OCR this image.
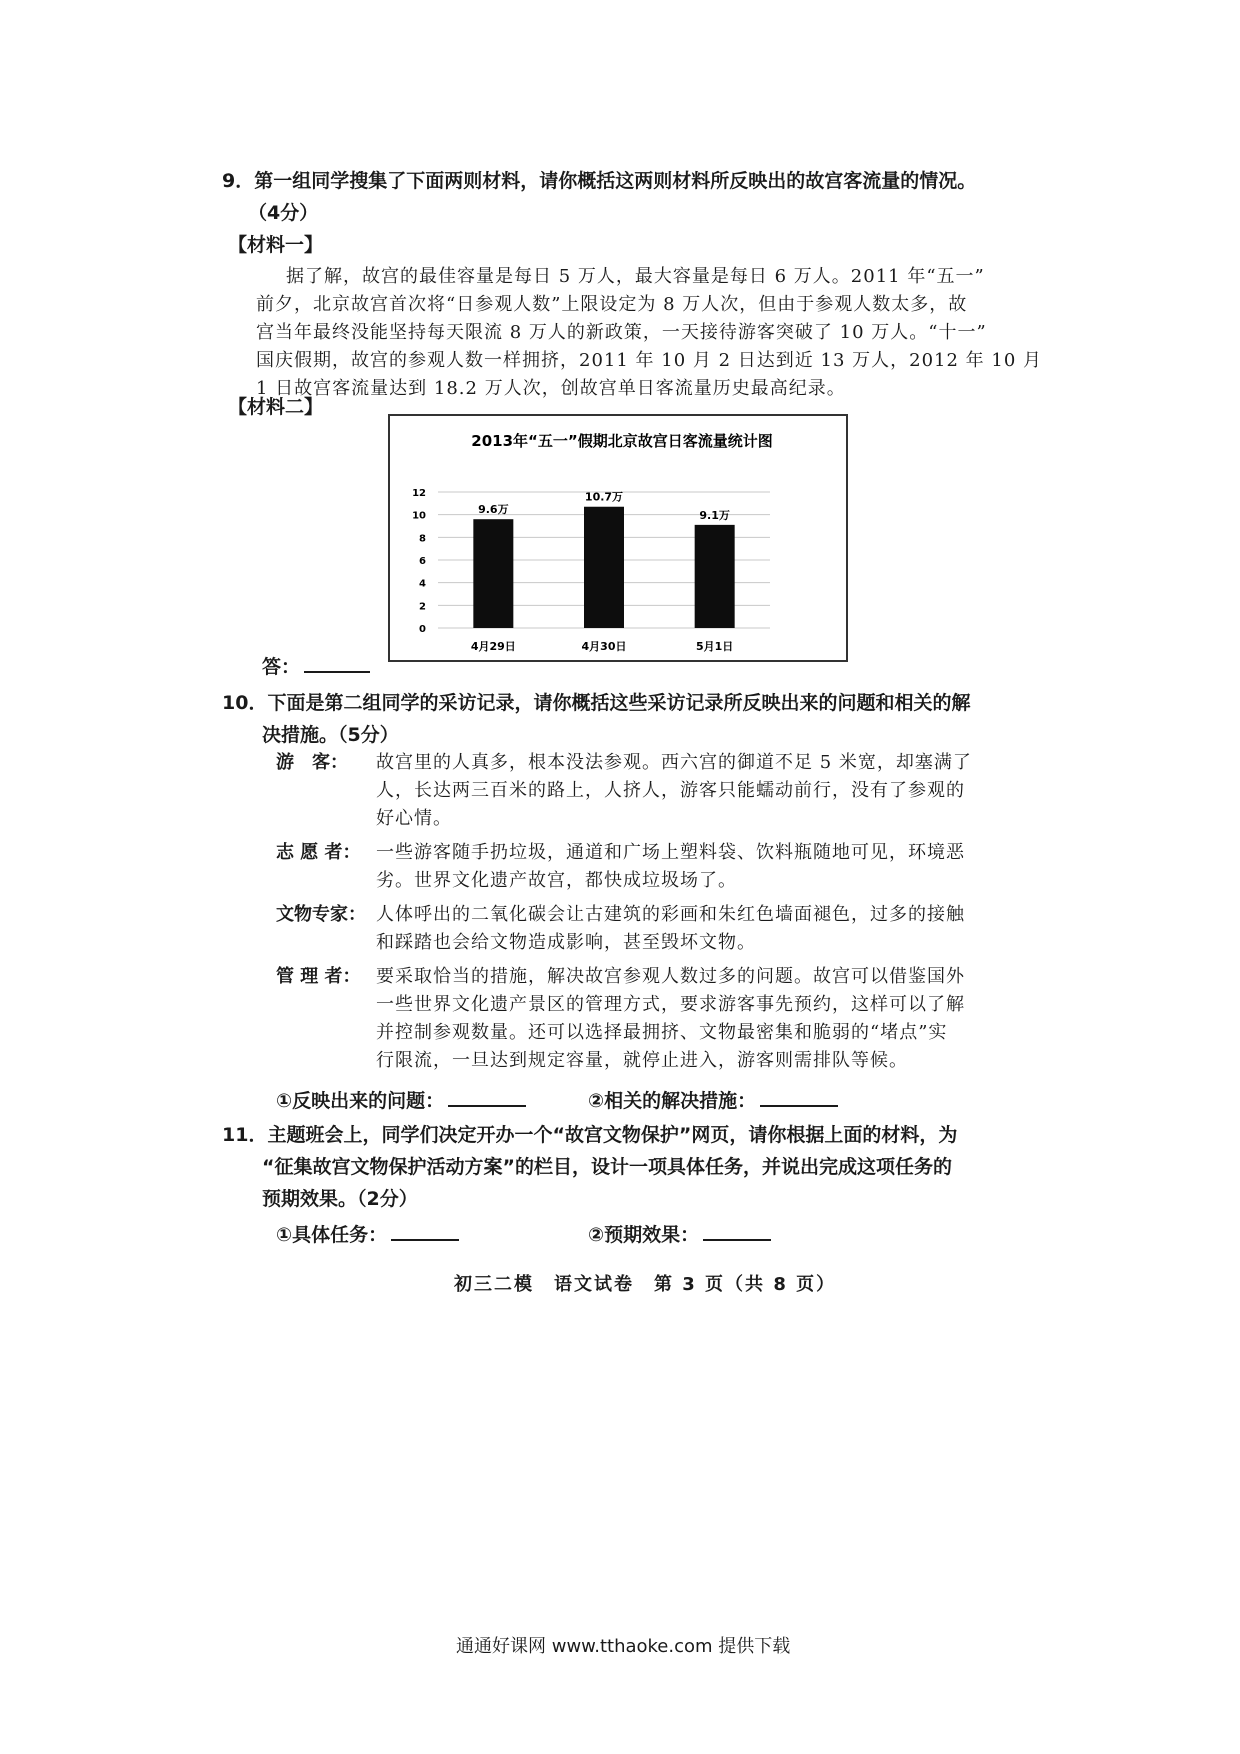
9．第一组同学搜集了下面两则材料，请你概括这两则材料所反映出的故宫客流量的情况。
（4分）
【材料一】
据了解，故宫的最佳容量是每日 5 万人，最大容量是每日 6 万人。2011 年“五一”
前夕，北京故宫首次将“日参观人数”上限设定为 8 万人次，但由于参观人数太多，故
宫当年最终没能坚持每天限流 8 万人的新政策，一天接待游客突破了 10 万人。“十一”
国庆假期，故宫的参观人数一样拥挤，2011 年 10 月 2 日达到近 13 万人，2012 年 10 月
1 日故宫客流量达到 18.2 万人次，创故宫单日客流量历史最高纪录。
【材料二】
2013年“五一”假期北京故宫日客流量统计图
0
2
4
6
8
10
12
9.6万
4月29日
10.7万
4月30日
9.1万
5月1日
答：
10．下面是第二组同学的采访记录，请你概括这些采访记录所反映出来的问题和相关的解
决措施。（5分）
游　客：	故宫里的人真多，根本没法参观。西六宫的御道不足 5 米宽，却塞满了
人，长达两三百米的路上，人挤人，游客只能蠕动前行，没有了参观的
好心情。
志 愿 者： 一些游客随手扔垃圾，通道和广场上塑料袋、饮料瓶随地可见，环境恶
劣。世界文化遗产故宫，都快成垃圾场了。
文物专家： 人体呼出的二氧化碳会让古建筑的彩画和朱红色墙面褪色，过多的接触
和踩踏也会给文物造成影响，甚至毁坏文物。
管 理 者： 要采取恰当的措施，解决故宫参观人数过多的问题。故宫可以借鉴国外
一些世界文化遗产景区的管理方式，要求游客事先预约，这样可以了解
并控制参观数量。还可以选择最拥挤、文物最密集和脆弱的“堵点”实
行限流，一旦达到规定容量，就停止进入，游客则需排队等候。
①反映出来的问题：	②相关的解决措施：
11．主题班会上，同学们决定开办一个“故宫文物保护”网页，请你根据上面的材料，为
“征集故宫文物保护活动方案”的栏目，设计一项具体任务，并说出完成这项任务的
预期效果。（2分）
①具体任务：	②预期效果：
初三二模　语文试卷　第 3 页（共 8 页）
通通好课网 www.tthaoke.com 提供下载
